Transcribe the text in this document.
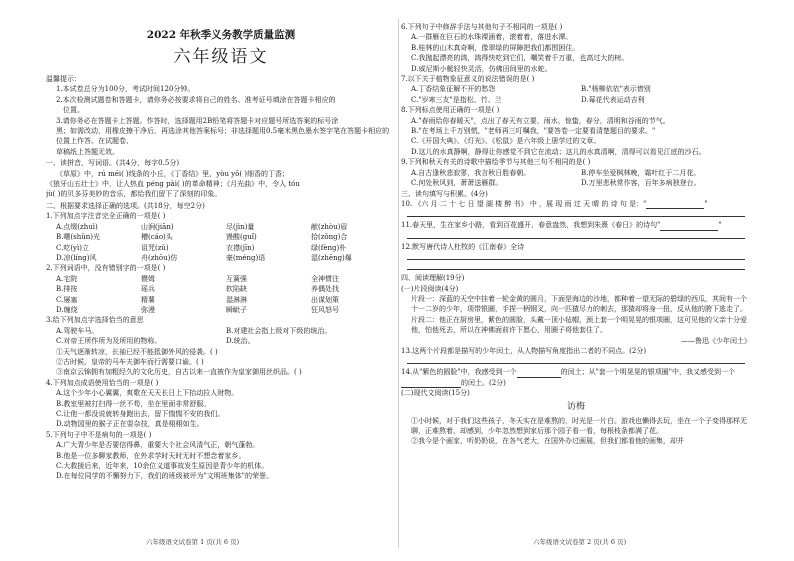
2022 年秋季义务教学质量监测
六年级语文
温馨提示：
1.本试卷总分为100分，考试时间120分钟。
2.本次检测试题卷和答题卡，请你务必按要求将自己的姓名、准考证号填涂在答题卡相应的
　位置。
3.请你务必在答题卡上答题。作答时，选择题用2B铅笔将答题卡对应题号所选答案的标号涂
黑；如需改动，用橡皮擦干净后，再选涂其他答案标号；非选择题用0.5毫米黑色墨水签字笔在答题卡相应的位置上作答。在试题卷、
草稿纸上答题无效。
一、读拼音，写词语。(共4分，每字0.5分)
《草原》中，rú méi( )线条的小丘，《丁香结》里，yòu yō( )细香的丁香；
《狼牙山五壮士》中，让人热血 péng pài( )的革命精神；《月光曲》中，令人 tóu
jù( )的贝多芬美妙的音乐，都给我们留下了深刻的印象。
二、根据要求选择正确的选项。(共18分，每空2分)
1.下列加点字注音完全正确的一项是( )
A.点缀(zhuì)	山涧(jiān)	尽(jìn)量	献(zhòu)眉
B.曙(shǔn)光	槽(cáo)头	馒酸(guǐ)	拾(zǒng)合
C.吃(yì)立	诅咒(zǔ)	衣襟(jīn)	绿(fèng)朴
D.凉(líng)风	舟(zhōu)仿	豪(méng)语	湿(zhēng)爆
2.下列词语中，没有错别字的一项是( )
A.宅院	攒姆	互簧强	全神惯注
B.排按	瑶兵	软陷缺	养偶处找
C.屡塞	精薯	湿淋淋	出谋划策
D.缠绕	弥漫	瞬眦子	狂风怒号
3.给下列加点字选择恰当的意思
A.驾驶车马。	B.对建社会指上级对下级的统治。
C.对帝王所作所为及所用的物称。	D.统治。
①天气逐渐转凉，长袖已经不能抵御外风的侵袭。( )
②古时候，皇帝的马车夫御车而行需要口谕。( )
③南京云锦拥有加粗经久的文化历史，自古以来一直被作为皇家御用丝织品。( )
4.下列加点成语使用恰当的一项是( )
A.这个少年小心翼翼，爽歌在天天长日上下抬动拉人财物。
B.教室里被打扫得一丝不苟，坐在里面非常舒服。
C.让他一都没说就转身跑出去，留下惴惴不安的我们。
D.动物园里的猴子正在耍杂技，真是栩栩如生。
5.下列句子中不是病句的一项是( )
A.广大青少年是否要信得鼻，重要大个社会风清气正，朝气蓬勃。
B.他是一位多聊家教师，在外求学时天时无时不想念着家乡。
C.大救援后来，近年来，10余位义道事故发生原因是青少年的机体。
D.在每位同学的不懈努力下，我们的班级被评为"文明班集体"的荣誉。
6.下列句子中修辞手法与其他句子不相同的一项是( )
A.一群雁在巨石的水珠裸涌着，滚着着，落进水潭。
B.桂林的山木真奇啊，像翠绿的屏障把我们都围困住。
C.我抛起漂亮的鸽，鸽得快吃到它们，嘲笑着千万重，也高过大的树。
D.威尼斯小艇轻快灵活，仿佛田间里的水蛇。
7.以下关于植物象征意义的说法错误的是( )
A.丁香结象征解不开的愁怨	B."杨柳依依"表示惜别
C."岁寒三友"是指松、竹、兰	D.莓花代表运动吉利
8.下列标点使用正确的一项是( )
A."春雨给你春暖天"，点出了春天有立要，雨水，惊蛰，春分，清明和谷雨的节气。
B."在考场上千万别慌，"老师再三叮嘱我，"要答卷一定要看清楚题目的要求。"
C.《开国大典》、《灯光》、《松鼠》是六年级上册学过的文章。
D.这儿的水真静啊，静得让你感觉不到它在流动；这儿的水真清啊，清得可以看见江底的沙石。
9.下列和秋天有关的诗歌中描绘季节与其他三句不相同的是( )
A.自古逢秋悲寂寥，我言秋日胜春朝。	B.停车坐爱枫林晚，霜叶红于二月花。
C.何处秋风到，萧萧送雁群。	D.万里悲秋常作客，百年多病独登台。
三、读句填写与积累。(4分)
10. 《六 月 二 十 七 日 望 湖 楼 醉 书》 中 ，展 现 雨 过 天 晴 的 诗 句 是："	"
11.春天里，生在家乡小路，看到百花盛开，春意盎然，我想到朱熹《春日》的诗句"	"
12.默写唐代诗人杜牧的《江南春》全诗
四、阅读理解(19分)
(一)片段阅读(4分)
片段一：深蓝的天空中挂着一轮金黄的圆月，下面是海边的沙地，都种着一望无际的碧绿的西瓜，其间有一个十一二岁的少年，项带银圈，手捏一柄钢叉，向一匹猹尽力的刺去，那猹却将身一扭，反从他的胯下逃走了。
片段二：他正在厨房里，紫色的圆脸，头戴一顶小毡帽，颈上套一个明晃晃的银项圈，这可见他的父亲十分爱他，怕他死去，所以在神佛面前许下愿心，用圈子将他套住了。
——鲁迅《少年闰土》
13.这两个片段都是描写的少年闰土，从人物描写角度指出二者的不同点。(2分)
14.从"紫色的圆脸"中，我感受到一个	的闰土；从"套一个明晃晃的银项圈"中，我又感受到一个
的闰土。(2分)
(二)现代文阅读(15分)
访梅
①小时候，对于我们这些孩子，冬天实在是难熬的，时光是一片白。游戏也懒得去玩，坐在一个子变得那样无聊，正难熬着，却感到，少年忽然想到家后那个园子看一看，每根枝条都满了花。
②我今是个画家，听奶奶说，在各气老大，在国外办过画展，但我们都看他的画集，却并
六年级语文试卷第 1 页(共 6 页)	六年级语文试卷第 2 页(共 6 页)
